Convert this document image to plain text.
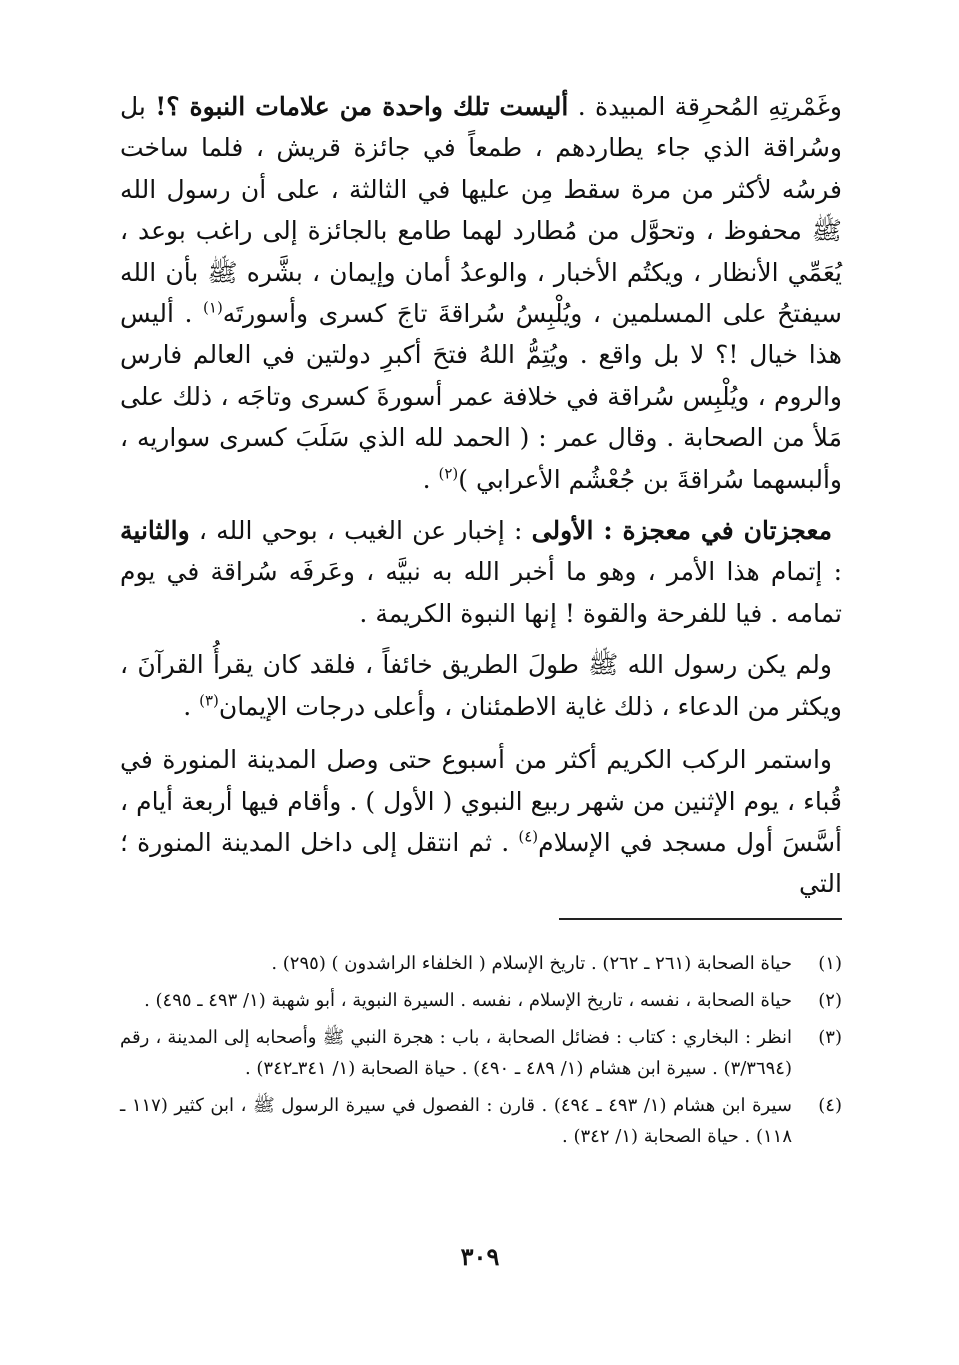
وغَمْرتِهِ المُحرِقة المبيدة . أليست تلك واحدة من علامات النبوة ؟! بل وسُراقة الذي جاء يطاردهم ، طمعاً في جائزة قريش ، فلما ساخت فرسُه لأكثر من مرة سقط مِن عليها في الثالثة ، على أن رسول الله ﷺ محفوظ ، وتحوَّل من مُطارد لهما طامع بالجائزة إلى راغب بوعد ، يُعَمِّي الأنظار ، ويكتُم الأخبار ، والوعدُ أمان وإيمان ، بشَّره ﷺ بأن الله سيفتحُ على المسلمين ، ويُلْبِسُ سُراقةَ تاجَ كسرى وأسورتَه$^{(١)}$ . أليس هذا خيال !؟ لا بل واقع . ويُتِمُّ اللهُ فتحَ أكبرِ دولتين في العالم فارس والروم ، ويُلْبِس سُراقة في خلافة عمر أسورةَ كسرى وتاجَه ، ذلك على مَلأ من الصحابة . وقال عمر : ( الحمد لله الذي سَلَبَ كسرى سواريه ، وألبسهما سُراقةَ بن جُعْشُم الأعرابي )$^{(٢)}$ .

معجزتان في معجزة : الأولى : إخبار عن الغيب ، بوحي الله ، والثانية : إتمام هذا الأمر ، وهو ما أخبر الله به نبيَّه ، وعَرفَه سُراقة في يوم تمامه . فيا للفرحة والقوة ! إنها النبوة الكريمة .

ولم يكن رسول الله ﷺ طولَ الطريق خائفاً ، فلقد كان يقرأُ القرآنَ ، ويكثر من الدعاء ، ذلك غاية الاطمئنان ، وأعلى درجات الإيمان$^{(٣)}$ .

واستمر الركب الكريم أكثر من أسبوع حتى وصل المدينة المنورة في قُباء ، يوم الإثنين من شهر ربيع النبوي ( الأول ) . وأقام فيها أربعة أيام ، أسَّسَ أول مسجد في الإسلام$^{(٤)}$ . ثم انتقل إلى داخل المدينة المنورة ؛ التي

(١)
حياة الصحابة (٢٦١ ـ ٢٦٢) . تاريخ الإسلام ( الخلفاء الراشدون ) (٢٩٥) .
(٢)
حياة الصحابة ، نفسه ، تاريخ الإسلام ، نفسه . السيرة النبوية ، أبو شهبة (١/ ٤٩٣ ـ ٤٩٥) .
(٣)
انظر : البخاري : كتاب : فضائل الصحابة ، باب : هجرة النبي ﷺ وأصحابه إلى المدينة ، رقم (٣/٣٦٩٤) . سيرة ابن هشام (١/ ٤٨٩ ـ ٤٩٠) . حياة الصحابة (١/ ٣٤١ـ٣٤٢) .
(٤)
سيرة ابن هشام (١/ ٤٩٣ ـ ٤٩٤) . قارن : الفصول في سيرة الرسول ﷺ ، ابن كثير (١١٧ ـ ١١٨) . حياة الصحابة (١/ ٣٤٢) .
٣٠٩
